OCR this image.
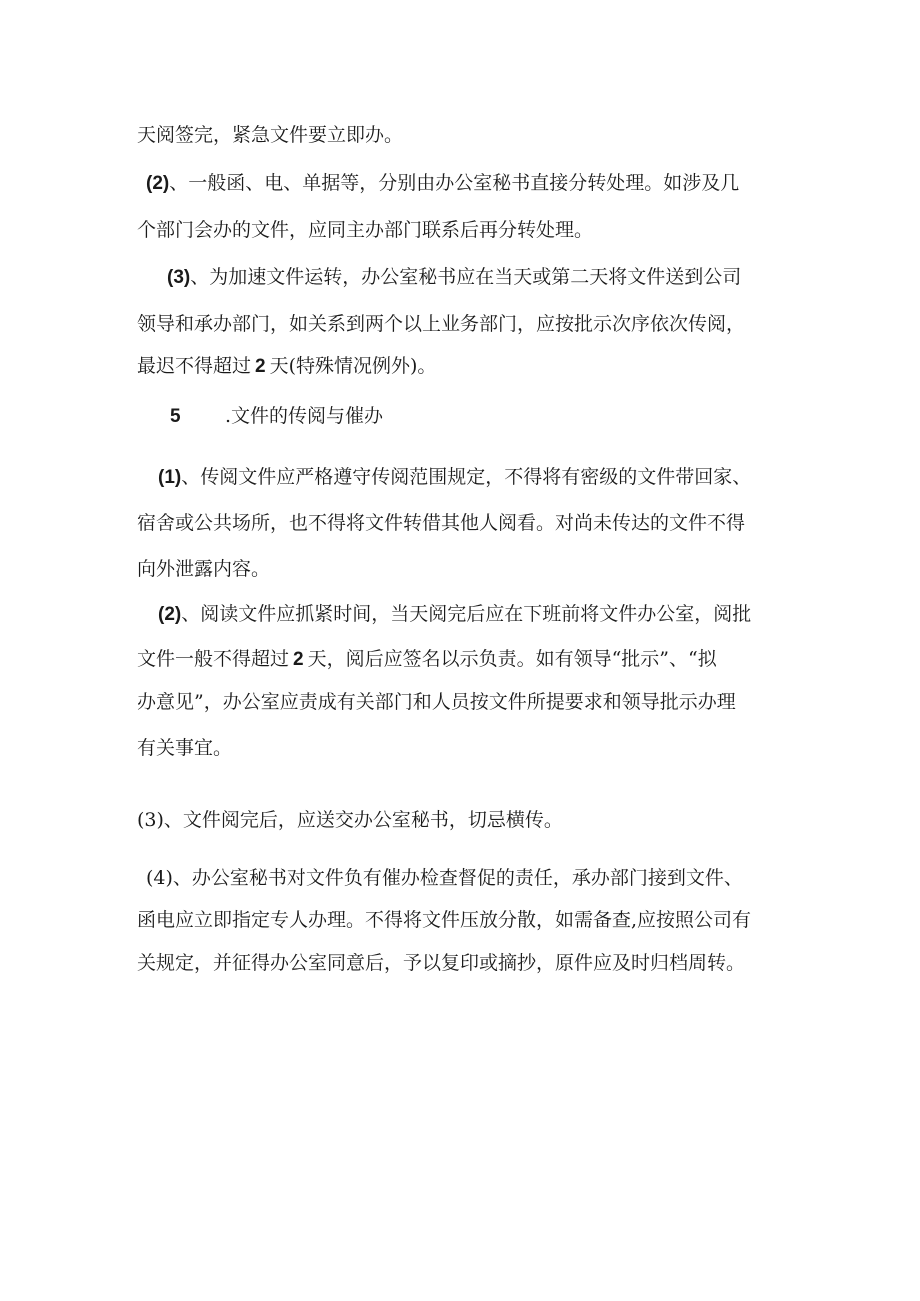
天阅签完，紧急文件要立即办。
(2)、一般函、电、单据等，分别由办公室秘书直接分转处理。如涉及几
个部门会办的文件，应同主办部门联系后再分转处理。
(3)、为加速文件运转，办公室秘书应在当天或第二天将文件送到公司
领导和承办部门，如关系到两个以上业务部门，应按批示次序依次传阅，
最迟不得超过 2 天(特殊情况例外)。
5 .文件的传阅与催办
(1)、传阅文件应严格遵守传阅范围规定，不得将有密级的文件带回家、
宿舍或公共场所，也不得将文件转借其他人阅看。对尚未传达的文件不得
向外泄露内容。
(2)、阅读文件应抓紧时间，当天阅完后应在下班前将文件办公室，阅批
文件一般不得超过 2 天，阅后应签名以示负责。如有领导“批示”、“拟
办意见”，办公室应责成有关部门和人员按文件所提要求和领导批示办理
有关事宜。
(3)、文件阅完后，应送交办公室秘书，切忌横传。
(4)、办公室秘书对文件负有催办检查督促的责任，承办部门接到文件、
函电应立即指定专人办理。不得将文件压放分散，如需备查,应按照公司有
关规定，并征得办公室同意后，予以复印或摘抄，原件应及时归档周转。
